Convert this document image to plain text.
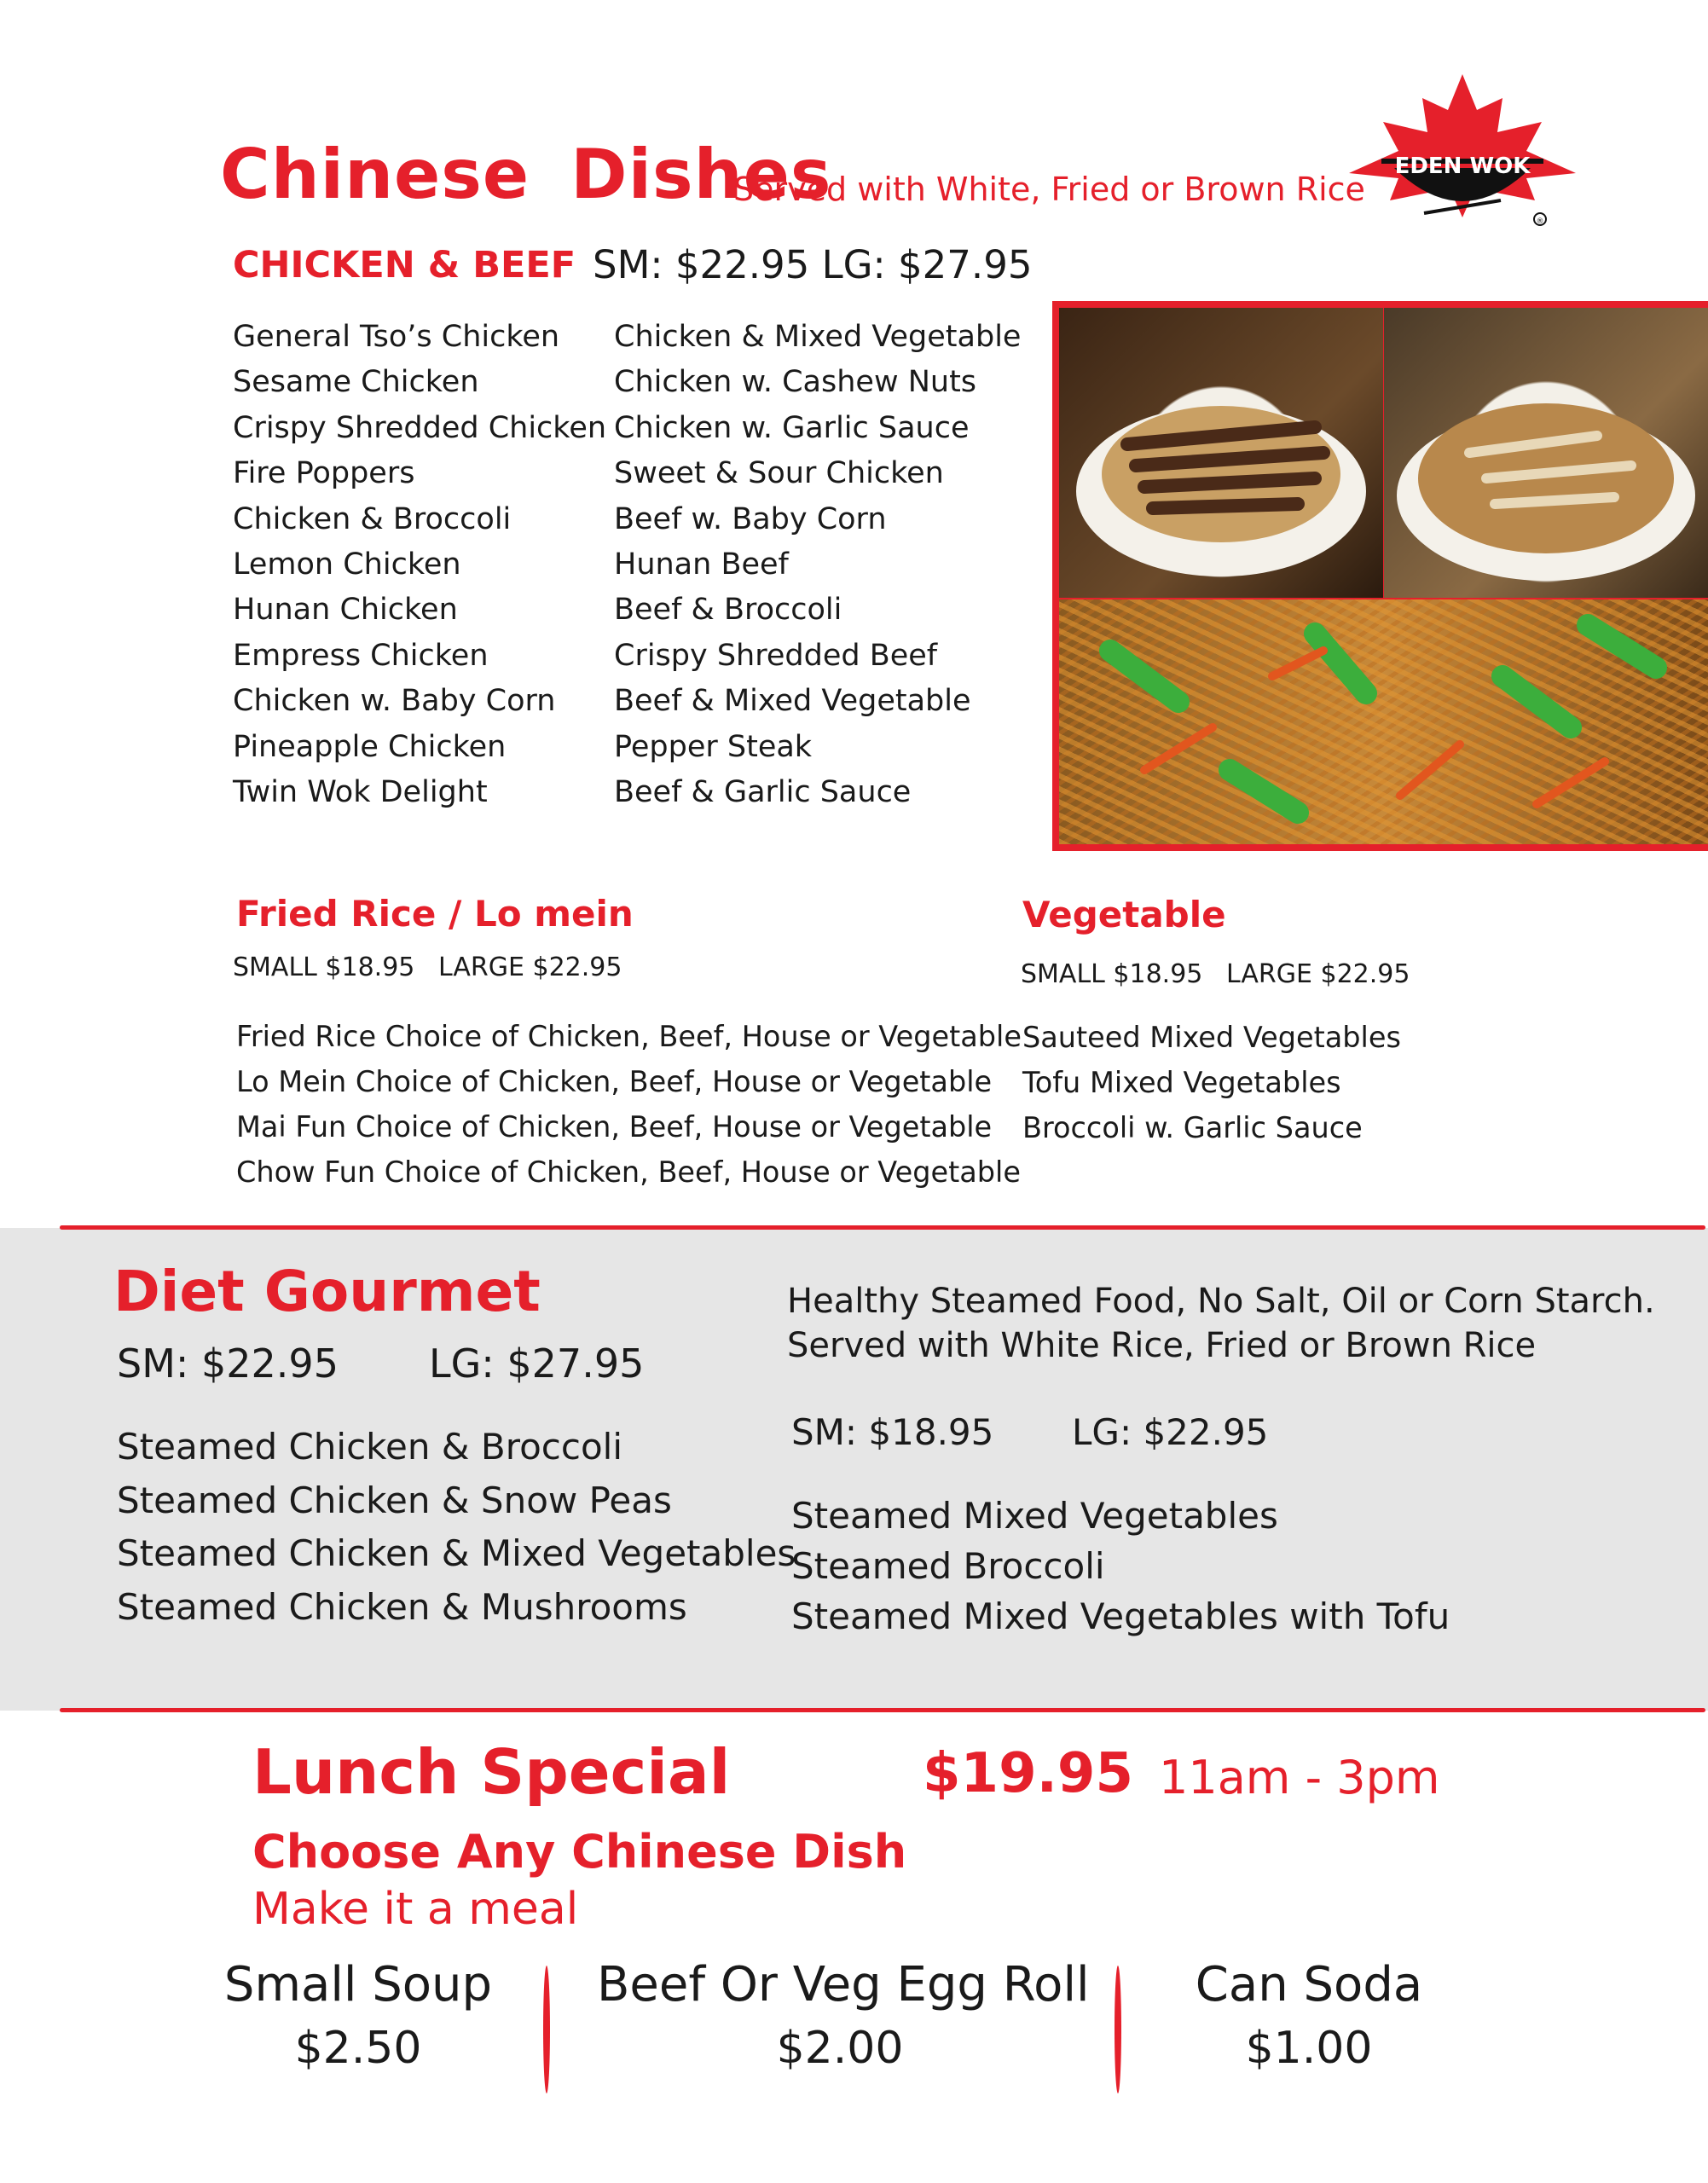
Chinese Dishes
Served with White, Fried or Brown Rice
EDEN WOK
®
CHICKEN & BEEF SM: $22.95 LG: $27.95
General Tso’s Chicken
Sesame Chicken
Crispy Shredded Chicken
Fire Poppers
Chicken & Broccoli
Lemon Chicken
Hunan Chicken
Empress Chicken
Chicken w. Baby Corn
Pineapple Chicken
Twin Wok Delight
Chicken & Mixed Vegetable
Chicken w. Cashew Nuts
Chicken w. Garlic Sauce
Sweet & Sour Chicken
Beef w. Baby Corn
Hunan Beef
Beef & Broccoli
Crispy Shredded Beef
Beef & Mixed Vegetable
Pepper Steak
Beef & Garlic Sauce
Fried Rice / Lo mein
SMALL $18.95 LARGE $22.95
Fried Rice Choice of Chicken, Beef, House or Vegetable
Lo Mein Choice of Chicken, Beef, House or Vegetable
Mai Fun Choice of Chicken, Beef, House or Vegetable
Chow Fun Choice of Chicken, Beef, House or Vegetable
Vegetable
SMALL $18.95 LARGE $22.95
Sauteed Mixed Vegetables
Tofu Mixed Vegetables
Broccoli w. Garlic Sauce
Diet Gourmet
SM: $22.95 LG: $27.95
Steamed Chicken & Broccoli
Steamed Chicken & Snow Peas
Steamed Chicken & Mixed Vegetables
Steamed Chicken & Mushrooms
Healthy Steamed Food, No Salt, Oil or Corn Starch.
Served with White Rice, Fried or Brown Rice
SM: $18.95 LG: $22.95
Steamed Mixed Vegetables
Steamed Broccoli
Steamed Mixed Vegetables with Tofu
Lunch Special	$19.95 11am - 3pm
Choose Any Chinese Dish
Make it a meal
Small Soup
$2.50
Beef Or Veg Egg Roll
$2.00
Can Soda
$1.00
